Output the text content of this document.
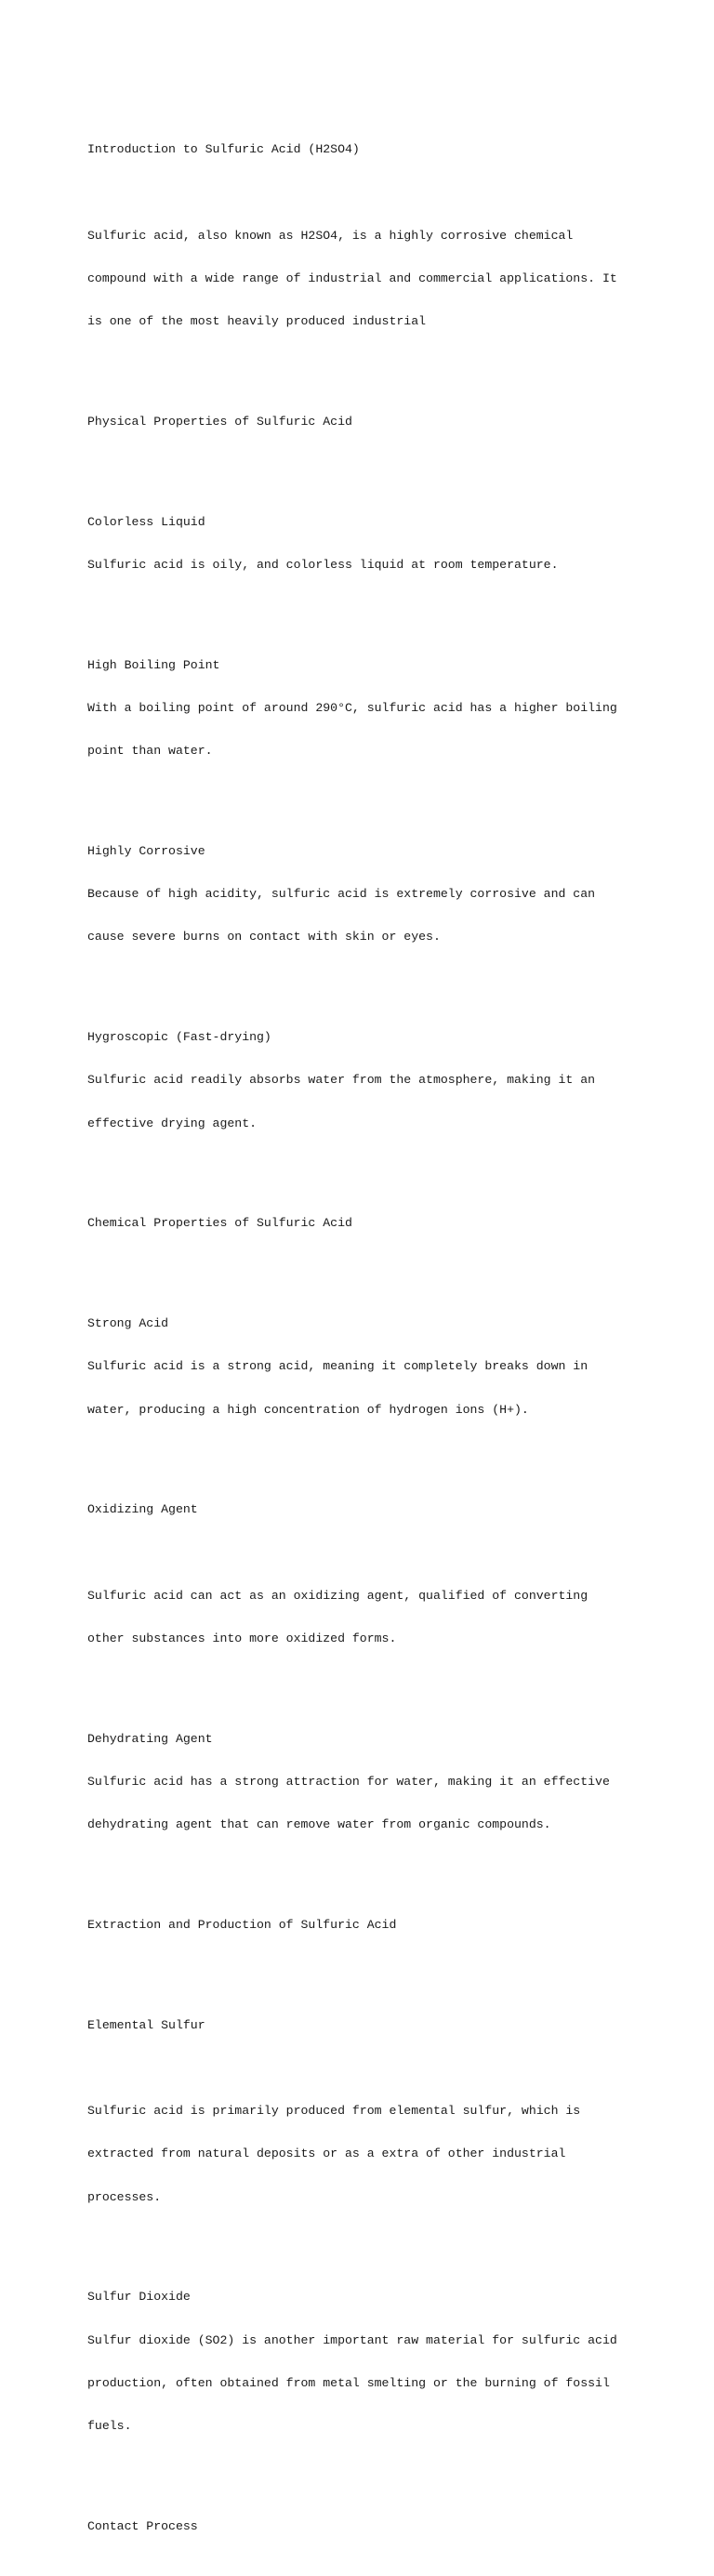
Introduction to Sulfuric Acid (H2SO4)

Sulfuric acid, also known as H2SO4, is a highly corrosive chemical

compound with a wide range of industrial and commercial applications. It

is one of the most heavily produced industrial

Physical Properties of Sulfuric Acid

Colorless Liquid

Sulfuric acid is oily, and colorless liquid at room temperature.

High Boiling Point

With a boiling point of around 290°C, sulfuric acid has a higher boiling

point than water.

Highly Corrosive

Because of high acidity, sulfuric acid is extremely corrosive and can

cause severe burns on contact with skin or eyes.

Hygroscopic (Fast-drying)

Sulfuric acid readily absorbs water from the atmosphere, making it an

effective drying agent.

Chemical Properties of Sulfuric Acid

Strong Acid

Sulfuric acid is a strong acid, meaning it completely breaks down in

water, producing a high concentration of hydrogen ions (H+).

Oxidizing Agent

Sulfuric acid can act as an oxidizing agent, qualified of converting

other substances into more oxidized forms.

Dehydrating Agent

Sulfuric acid has a strong attraction for water, making it an effective

dehydrating agent that can remove water from organic compounds.

Extraction and Production of Sulfuric Acid

Elemental Sulfur

Sulfuric acid is primarily produced from elemental sulfur, which is

extracted from natural deposits or as a extra of other industrial

processes.

Sulfur Dioxide

Sulfur dioxide (SO2) is another important raw material for sulfuric acid

production, often obtained from metal smelting or the burning of fossil

fuels.

Contact Process
